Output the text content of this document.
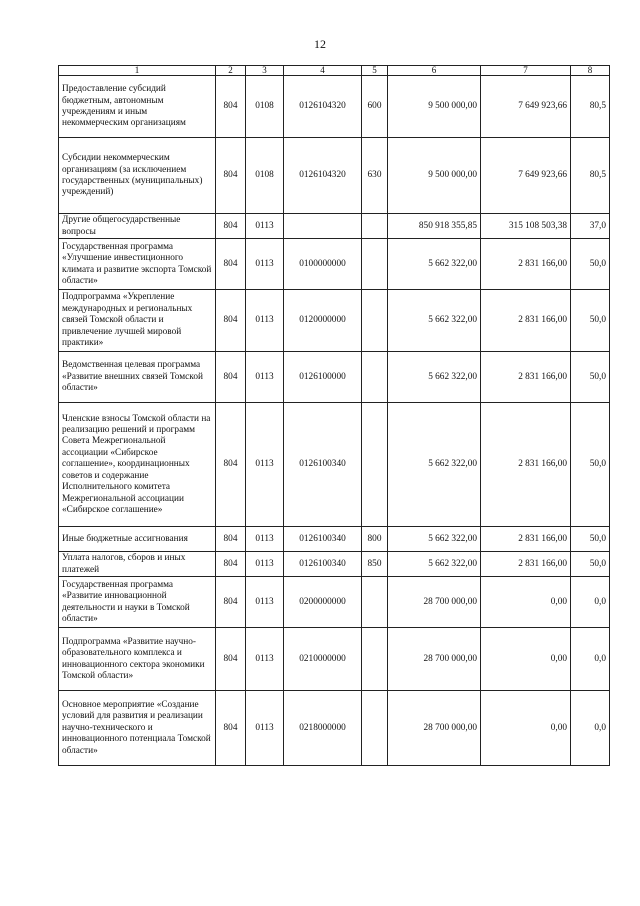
12
1	2	3	4	5	6	7	8
Предоставление субсидий бюджетным, автономным учреждениям и иным некоммерческим организациям	804	0108	0126104320	600	9 500 000,00	7 649 923,66	80,5
Субсидии некоммерческим организациям (за исключением государственных (муниципальных) учреждений)	804	0108	0126104320	630	9 500 000,00	7 649 923,66	80,5
Другие общегосударственные вопросы	804	0113			850 918 355,85	315 108 503,38	37,0
Государственная программа «Улучшение инвестиционного климата и развитие экспорта Томской области»	804	0113	0100000000		5 662 322,00	2 831 166,00	50,0
Подпрограмма «Укрепление международных и региональных связей Томской области и привлечение лучшей мировой практики»	804	0113	0120000000		5 662 322,00	2 831 166,00	50,0
Ведомственная целевая программа «Развитие внешних связей Томской области»	804	0113	0126100000		5 662 322,00	2 831 166,00	50,0
Членские взносы Томской области на реализацию решений и программ Совета Межрегиональной ассоциации «Сибирское соглашение», координационных советов и содержание Исполнительного комитета Межрегиональной ассоциации «Сибирское соглашение»	804	0113	0126100340		5 662 322,00	2 831 166,00	50,0
Иные бюджетные ассигнования	804	0113	0126100340	800	5 662 322,00	2 831 166,00	50,0
Уплата налогов, сборов и иных платежей	804	0113	0126100340	850	5 662 322,00	2 831 166,00	50,0
Государственная программа «Развитие инновационной деятельности и науки в Томской области»	804	0113	0200000000		28 700 000,00	0,00	0,0
Подпрограмма «Развитие научно-образовательного комплекса и инновационного сектора экономики Томской области»	804	0113	0210000000		28 700 000,00	0,00	0,0
Основное мероприятие «Создание условий для развития и реализации научно-технического и инновационного потенциала Томской области»	804	0113	0218000000		28 700 000,00	0,00	0,0
